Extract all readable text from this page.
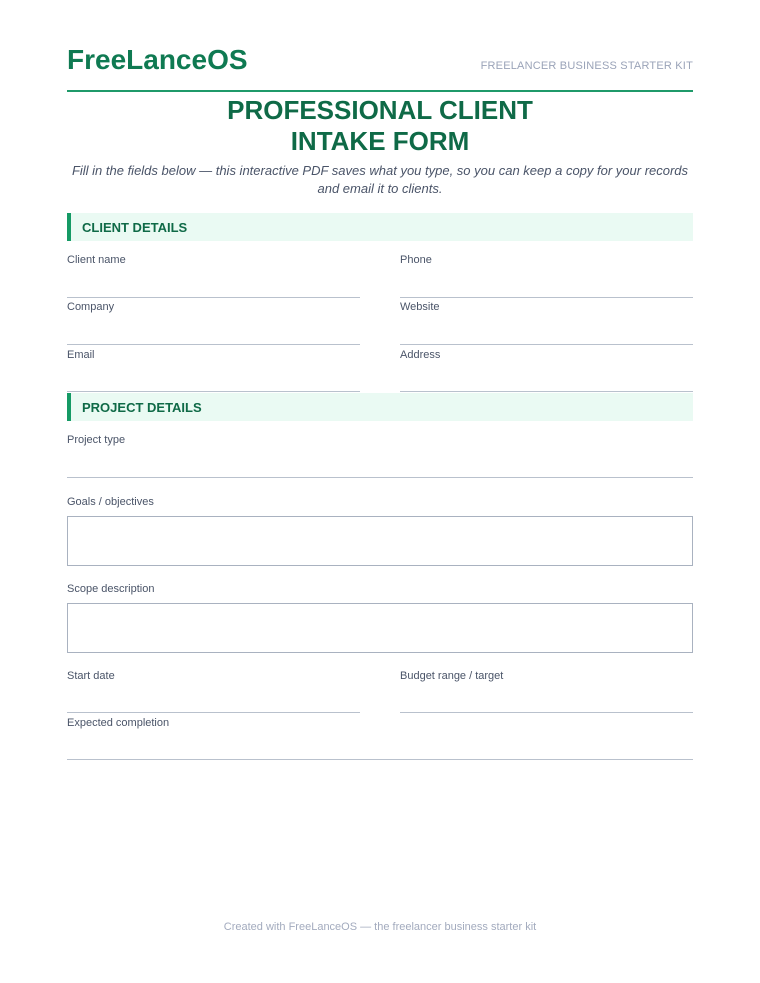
FreeLanceOS	FREELANCER BUSINESS STARTER KIT
PROFESSIONAL CLIENT
INTAKE FORM
Fill in the fields below — this interactive PDF saves what you type, so you can keep a copy for your records and email it to clients.
CLIENT DETAILS
Client name	Phone
Company	Website
Email	Address
PROJECT DETAILS
Project type
Goals / objectives
Scope description
Start date	Budget range / target
Expected completion
Created with FreeLanceOS — the freelancer business starter kit
